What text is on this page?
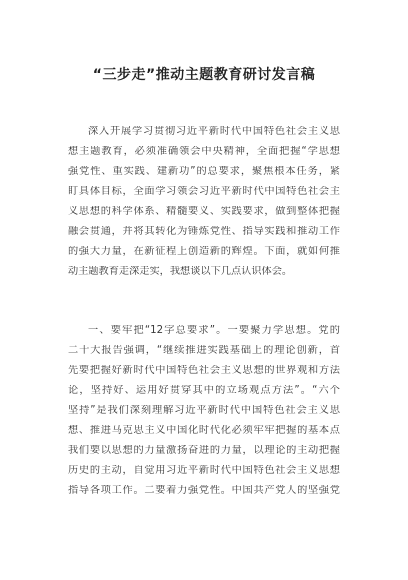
“三步走”推动主题教育研讨发言稿
深入开展学习贯彻习近平新时代中国特色社会主义思
想主题教育，必须准确领会中央精神，全面把握“学思想
强党性、重实践、建新功”的总要求，聚焦根本任务，紧
盯具体目标，全面学习领会习近平新时代中国特色社会主
义思想的科学体系、精髓要义、实践要求，做到整体把握
融会贯通，并将其转化为锤炼党性、指导实践和推动工作
的强大力量，在新征程上创造新的辉煌。下面，就如何推
动主题教育走深走实，我想谈以下几点认识体会。
一、要牢把“12字总要求”。一要聚力学思想。党的
二十大报告强调，“继续推进实践基础上的理论创新，首
先要把握好新时代中国特色社会主义思想的世界观和方法
论，坚持好、运用好贯穿其中的立场观点方法”。“六个
坚持”是我们深刻理解习近平新时代中国特色社会主义思
想、推进马克思主义中国化时代化必须牢牢把握的基本点
我们要以思想的力量激扬奋进的力量，以理论的主动把握
历史的主动，自觉用习近平新时代中国特色社会主义思想
指导各项工作。二要着力强党性。中国共产党人的坚强党
